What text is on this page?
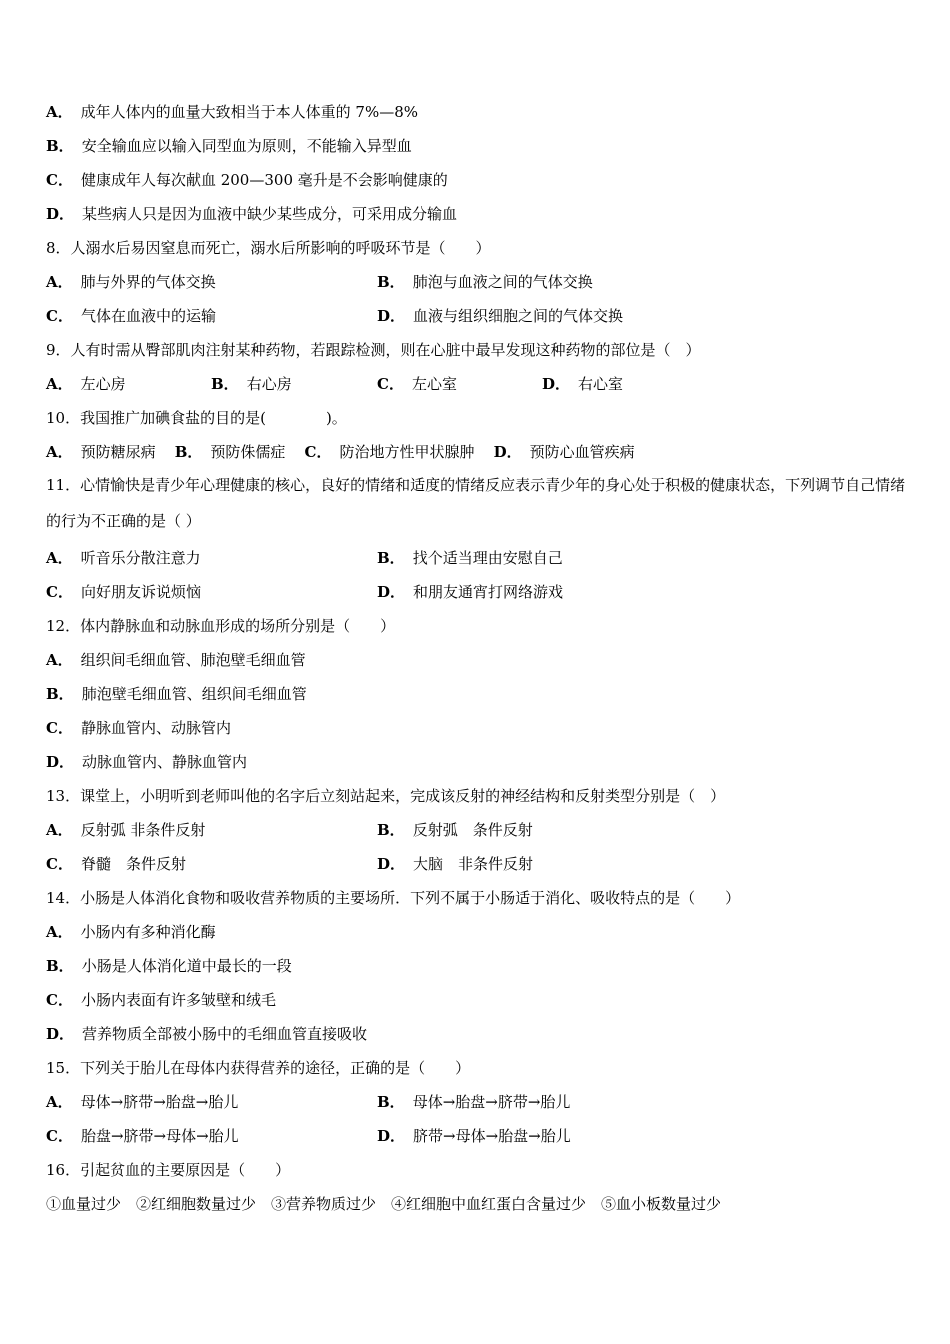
A． 成年人体内的血量大致相当于本人体重的 7%—8%
B． 安全输血应以输入同型血为原则，不能输入异型血
C． 健康成年人每次献血 200—300 毫升是不会影响健康的
D． 某些病人只是因为血液中缺少某些成分，可采用成分输血
8．人溺水后易因窒息而死亡，溺水后所影响的呼吸环节是（　　）
A． 肺与外界的气体交换	B． 肺泡与血液之间的气体交换
C． 气体在血液中的运输	D． 血液与组织细胞之间的气体交换
9．人有时需从臀部肌肉注射某种药物，若跟踪检测，则在心脏中最早发现这种药物的部位是（　）
A． 左心房	B． 右心房	C． 左心室	D． 右心室
10．我国推广加碘食盐的目的是(　　　　)。
A． 预防糖尿病 B． 预防侏儒症 C． 防治地方性甲状腺肿 D． 预防心血管疾病
11．心情愉快是青少年心理健康的核心，良好的情绪和适度的情绪反应表示青少年的身心处于积极的健康状态，下列调节自己情绪的行为不正确的是（ ）
A． 听音乐分散注意力	B． 找个适当理由安慰自己
C． 向好朋友诉说烦恼	D． 和朋友通宵打网络游戏
12．体内静脉血和动脉血形成的场所分别是（　　）
A． 组织间毛细血管、肺泡壁毛细血管
B． 肺泡壁毛细血管、组织间毛细血管
C． 静脉血管内、动脉管内
D． 动脉血管内、静脉血管内
13．课堂上，小明听到老师叫他的名字后立刻站起来，完成该反射的神经结构和反射类型分别是（　）
A． 反射弧 非条件反射	B． 反射弧　条件反射
C． 脊髓　条件反射	D． 大脑　非条件反射
14．小肠是人体消化食物和吸收营养物质的主要场所．下列不属于小肠适于消化、吸收特点的是（　　）
A． 小肠内有多种消化酶
B． 小肠是人体消化道中最长的一段
C． 小肠内表面有许多皱壁和绒毛
D． 营养物质全部被小肠中的毛细血管直接吸收
15．下列关于胎儿在母体内获得营养的途径，正确的是（　　）
A． 母体→脐带→胎盘→胎儿	B． 母体→胎盘→脐带→胎儿
C． 胎盘→脐带→母体→胎儿	D． 脐带→母体→胎盘→胎儿
16．引起贫血的主要原因是（　　）
①血量过少　②红细胞数量过少　③营养物质过少　④红细胞中血红蛋白含量过少　⑤血小板数量过少
